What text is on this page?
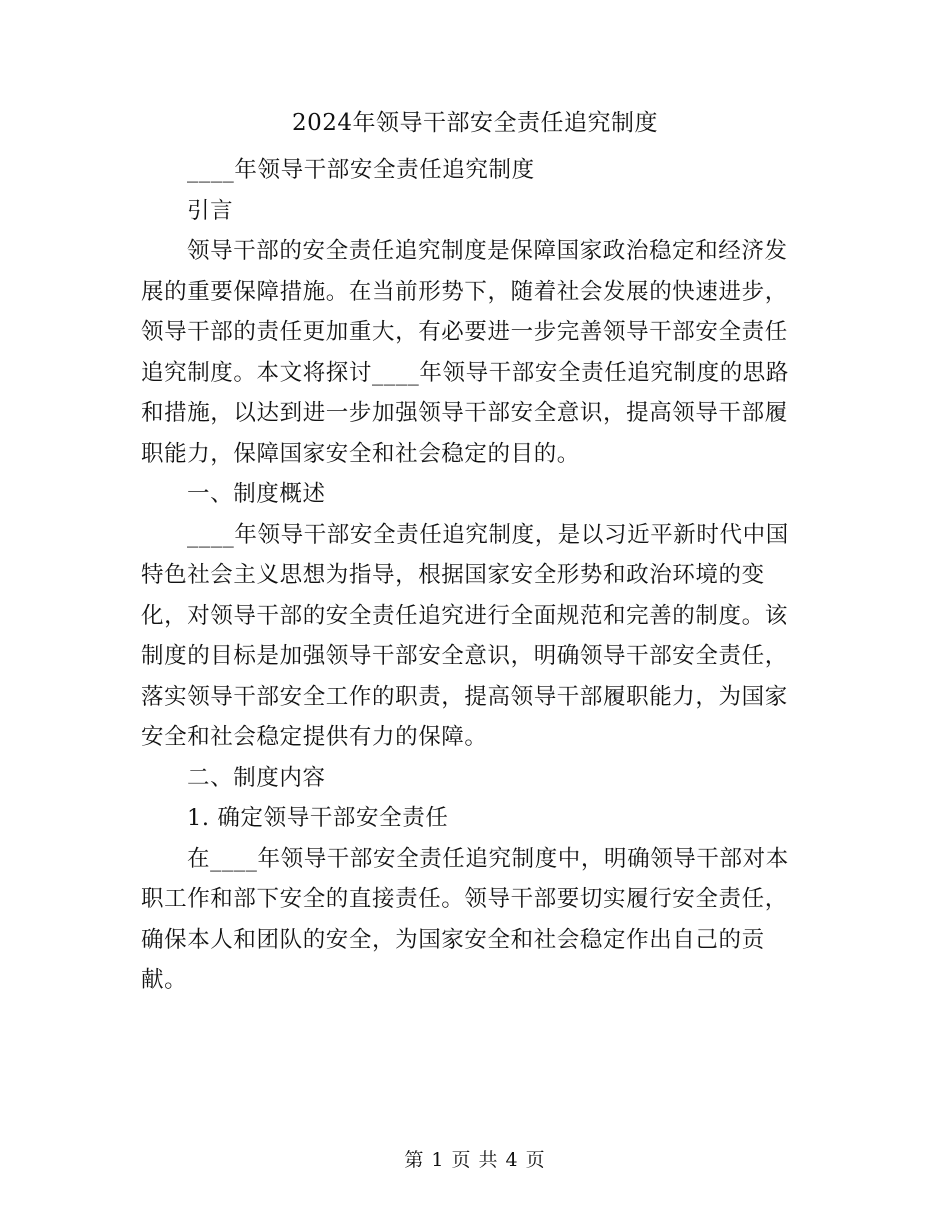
2024年领导干部安全责任追究制度

____年领导干部安全责任追究制度

引言

领导干部的安全责任追究制度是保障国家政治稳定和经济发展的重要保障措施。在当前形势下，随着社会发展的快速进步，领导干部的责任更加重大，有必要进一步完善领导干部安全责任追究制度。本文将探讨____年领导干部安全责任追究制度的思路和措施，以达到进一步加强领导干部安全意识，提高领导干部履职能力，保障国家安全和社会稳定的目的。

一、制度概述

____年领导干部安全责任追究制度，是以习近平新时代中国特色社会主义思想为指导，根据国家安全形势和政治环境的变化，对领导干部的安全责任追究进行全面规范和完善的制度。该制度的目标是加强领导干部安全意识，明确领导干部安全责任，落实领导干部安全工作的职责，提高领导干部履职能力，为国家安全和社会稳定提供有力的保障。

二、制度内容

1. 确定领导干部安全责任

在____年领导干部安全责任追究制度中，明确领导干部对本职工作和部下安全的直接责任。领导干部要切实履行安全责任，确保本人和团队的安全，为国家安全和社会稳定作出自己的贡献。

第 1 页 共 4 页
